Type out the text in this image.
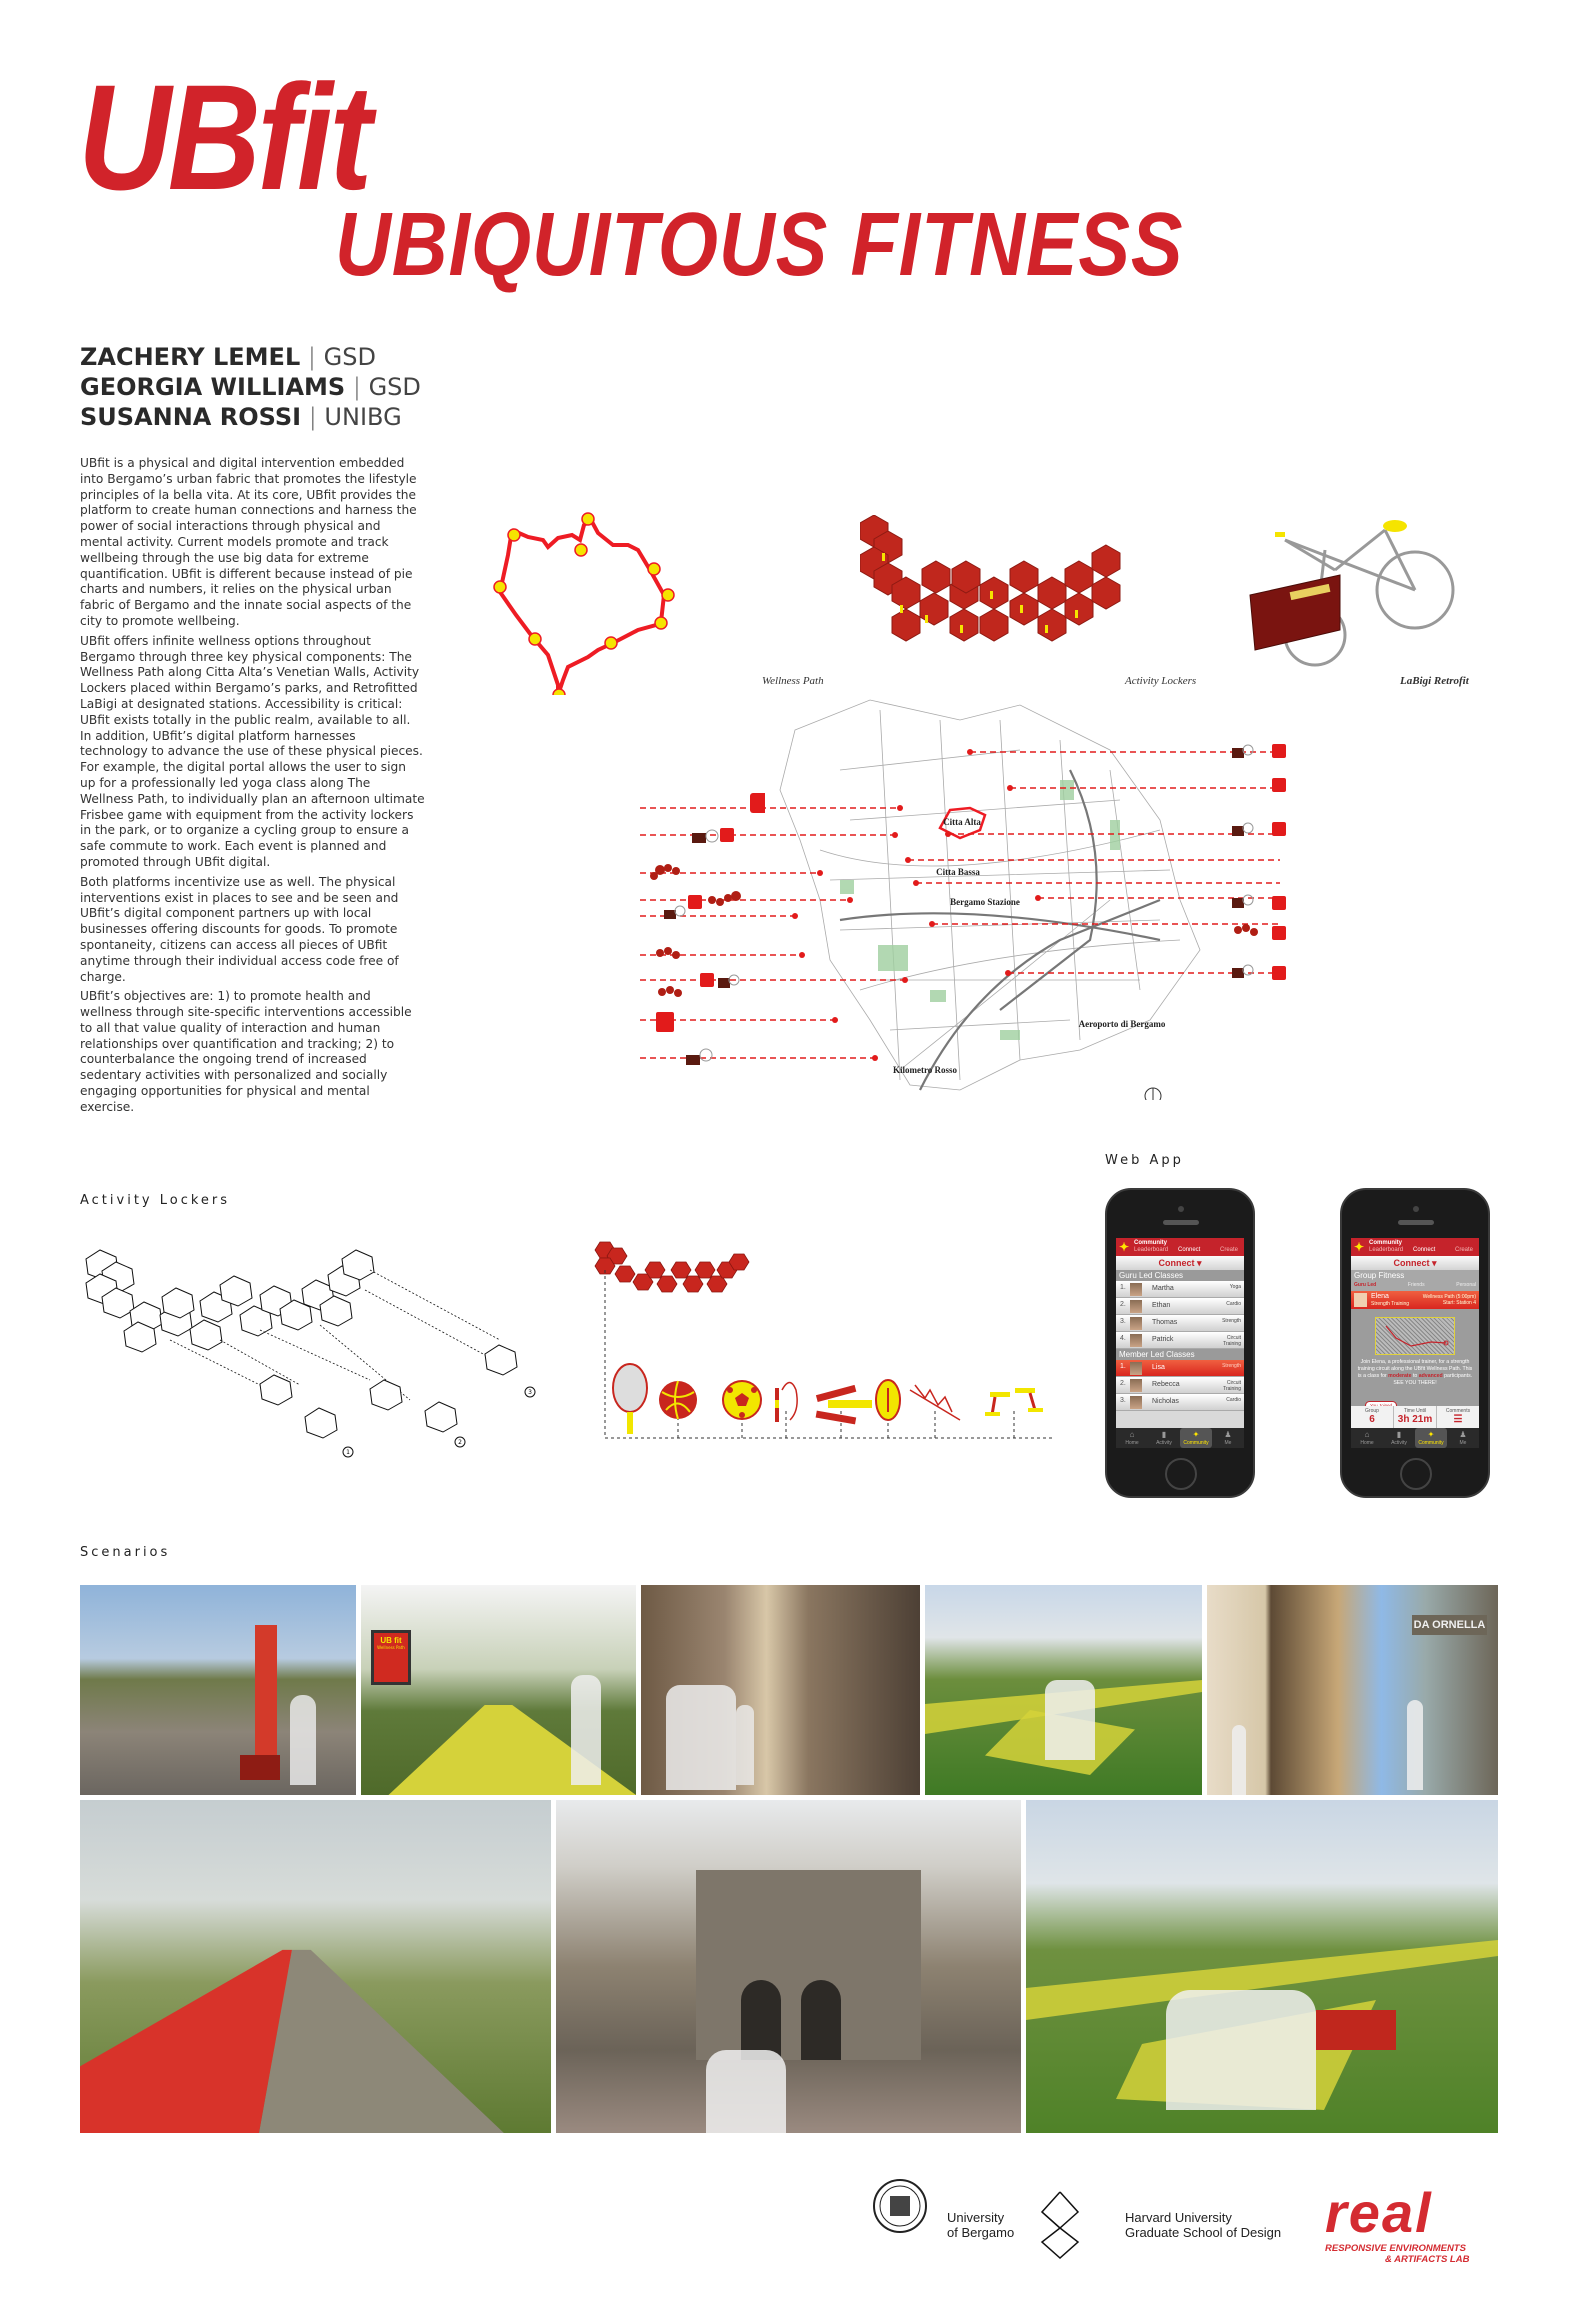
UBfit
UBIQUITOUS FITNESS
ZACHERY LEMEL | GSD
GEORGIA WILLIAMS | GSD
SUSANNA ROSSI | UNIBG

UBfit is a physical and digital intervention embedded into Bergamo’s urban fabric that promotes the lifestyle principles of la bella vita. At its core, UBfit provides the platform to create human connections and harness the power of social interactions through physical and mental activity. Current models promote and track wellbeing through the use big data for extreme quantification. UBfit is different because instead of pie charts and numbers, it relies on the physical urban fabric of Bergamo and the innate social aspects of the city to promote wellbeing.

UBfit offers infinite wellness options throughout Bergamo through three key physical components: The Wellness Path along Citta Alta’s Venetian Walls, Activity Lockers placed within Bergamo’s parks, and Retrofitted LaBigi at designated stations. Accessibility is critical: UBfit exists totally in the public realm, available to all. In addition, UBfit’s digital platform harnesses technology to advance the use of these physical pieces. For example, the digital portal allows the user to sign up for a professionally led yoga class along The Wellness Path, to individually plan an afternoon ultimate Frisbee game with equipment from the activity lockers in the park, or to organize a cycling group to ensure a safe commute to work. Each event is planned and promoted through UBfit digital.

Both platforms incentivize use as well. The physical interventions exist in places to see and be seen and UBfit’s digital component partners up with local businesses offering discounts for goods. To promote spontaneity, citizens can access all pieces of UBfit anytime through their individual access code free of charge.

UBfit’s objectives are: 1) to promote health and wellness through site-specific interventions accessible to all that value quality of interaction and human relationships over quantification and tracking; 2) to counterbalance the ongoing trend of increased sedentary activities with personalized and socially engaging opportunities for physical and mental exercise.

Wellness Path	Activity Lockers	LaBigi Retrofit
Citta Alta
Citta Bassa
Bergamo Stazione
Aeroporto di Bergamo
Kilometro Rosso
Activity Lockers
1
2
3
Web App
✦ Community
Leaderboard Connect	Create
Connect ▾
Guru Led Classes
1.	Martha	Yoga
2.	Ethan	Cardio
3.	Thomas	Strength
4.	Patrick	Circuit Training
Member Led Classes
1.	Lisa	Strength
2.	Rebecca	Circuit Training
3.	Nicholas	Cardio
⌂
Home
▮
Activity
✦
Community
♟
Me
✦ Community
Leaderboard Connect	Create
Connect ▾
Group Fitness
Guru Led	Friends	Personal
Elena
Strength Training
Wellness Path (5:00pm)
Start: Station 4
Join Elena, a professional trainer, for a strength training circuit along the UBfit Wellness Path. This is a class for moderate to advanced participants. SEE YOU THERE!
Group
6
Time Until
3h 21m
Comments
☰
⌂
Home
▮
Activity
✦
Community
♟
Me
Scenarios
UB fit
Wellness Path
DA ORNELLA
University
of Bergamo
Harvard University
Graduate School of Design real
RESPONSIVE ENVIRONMENTS
& ARTIFACTS LAB
